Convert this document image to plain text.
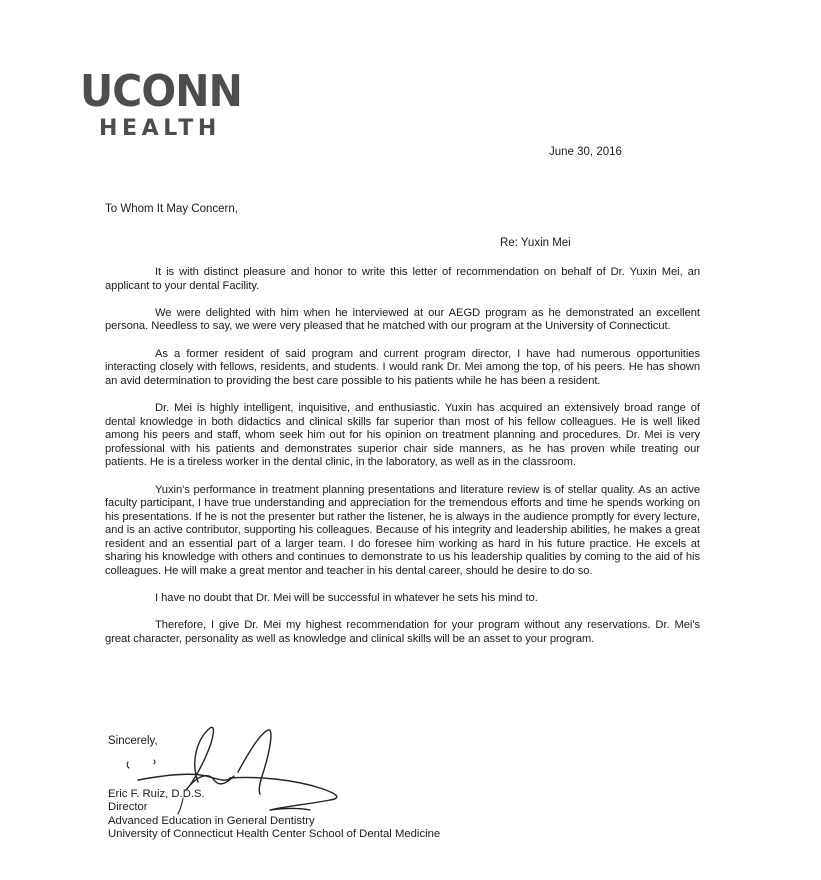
UCONN
HEALTH
June 30, 2016
To Whom It May Concern,
Re: Yuxin Mei

It is with distinct pleasure and honor to write this letter of recommendation on behalf of Dr. Yuxin Mei, an applicant to your dental Facility.

We were delighted with him when he interviewed at our AEGD program as he demonstrated an excellent persona. Needless to say, we were very pleased that he matched with our program at the University of Connecticut.

As a former resident of said program and current program director, I have had numerous opportunities interacting closely with fellows, residents, and students. I would rank Dr. Mei among the top, of his peers. He has shown an avid determination to providing the best care possible to his patients while he has been a resident.

Dr. Mei is highly intelligent, inquisitive, and enthusiastic. Yuxin has acquired an extensively broad range of dental knowledge in both didactics and clinical skills far superior than most of his fellow colleagues. He is well liked among his peers and staff, whom seek him out for his opinion on treatment planning and procedures. Dr. Mei is very professional with his patients and demonstrates superior chair side manners, as he has proven while treating our patients. He is a tireless worker in the dental clinic, in the laboratory, as well as in the classroom.

Yuxin's performance in treatment planning presentations and literature review is of stellar quality. As an active faculty participant, I have true understanding and appreciation for the tremendous efforts and time he spends working on his presentations. If he is not the presenter but rather the listener, he is always in the audience promptly for every lecture, and is an active contributor, supporting his colleagues. Because of his integrity and leadership abilities, he makes a great resident and an essential part of a larger team. I do foresee him working as hard in his future practice. He excels at sharing his knowledge with others and continues to demonstrate to us his leadership qualities by coming to the aid of his colleagues. He will make a great mentor and teacher in his dental career, should he desire to do so.

I have no doubt that Dr. Mei will be successful in whatever he sets his mind to.

Therefore, I give Dr. Mei my highest recommendation for your program without any reservations. Dr. Mei's great character, personality as well as knowledge and clinical skills will be an asset to your program.

Sincerely,
Eric F. Ruiz, D.D.S.
Director
Advanced Education in General Dentistry
University of Connecticut Health Center School of Dental Medicine
